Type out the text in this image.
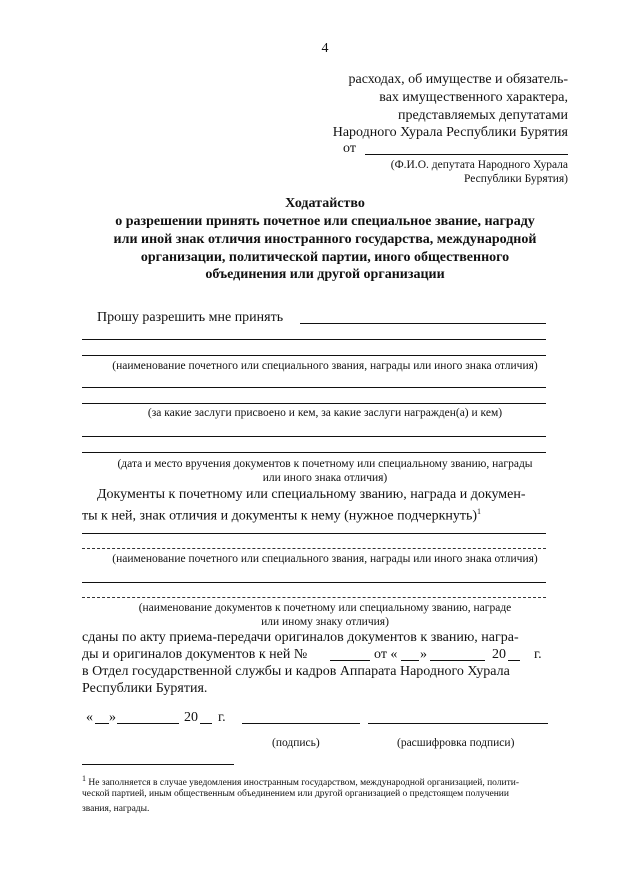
4
расходах, об имуществе и обязатель-
вах имущественного характера,
представляемых депутатами
Народного Хурала Республики Бурятия
от
(Ф.И.О. депутата Народного Хурала
Республики Бурятия)
Ходатайство
о разрешении принять почетное или специальное звание, награду
или иной знак отличия иностранного государства, международной
организации, политической партии, иного общественного
объединения или другой организации
Прошу разрешить мне принять
(наименование почетного или специального звания, награды или иного знака отличия)
(за какие заслуги присвоено и кем, за какие заслуги награжден(а) и кем)
(дата и место вручения документов к почетному или специальному званию, награды
или иного знака отличия)
Документы к почетному или специальному званию, награда и докумен-
ты к ней, знак отличия и документы к нему (нужное подчеркнуть)$^1$
(наименование почетного или специального звания, награды или иного знака отличия)
(наименование документов к почетному или специальному званию, награде
или иному знаку отличия)
сданы по акту приема-передачи оригиналов документов к званию, награ-
ды и оригиналов документов к ней №	от « »	20 г.
в Отдел государственной службы и кадров Аппарата Народного Хурала
Республики Бурятия.
« »	20 г.
(подпись)	(расшифровка подписи)
$^1$ Не заполняется в случае уведомления иностранным государством, международной организацией, полити-
ческой партией, иным общественным объединением или другой организацией о предстоящем получении
звания, награды.
